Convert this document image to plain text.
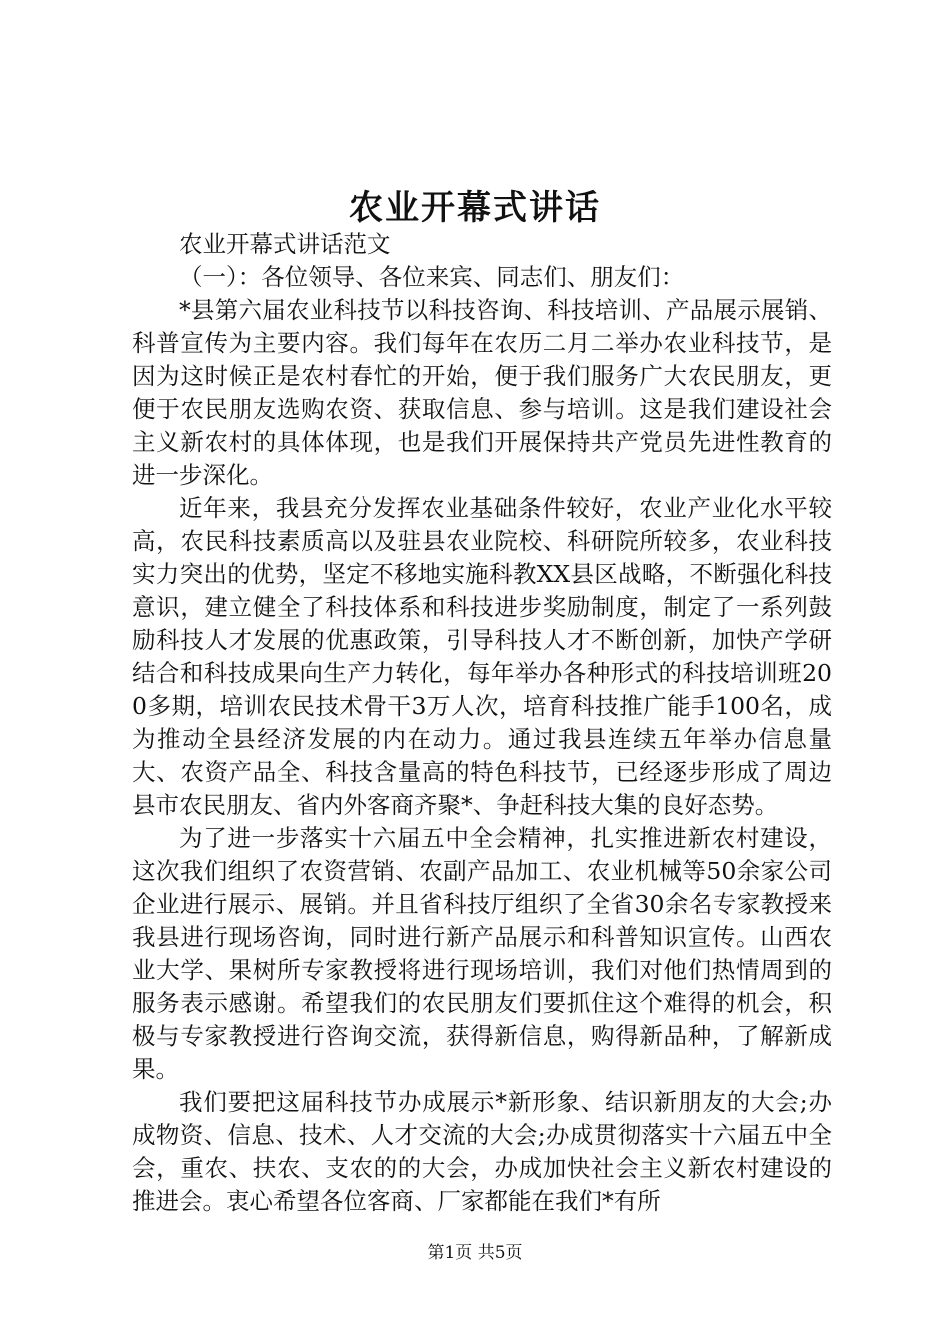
农业开幕式讲话

农业开幕式讲话范文

（一）：各位领导、各位来宾、同志们、朋友们：

*县第六届农业科技节以科技咨询、科技培训、产品展示展销、科普宣传为主要内容。我们每年在农历二月二举办农业科技节，是因为这时候正是农村春忙的开始，便于我们服务广大农民朋友，更便于农民朋友选购农资、获取信息、参与培训。这是我们建设社会主义新农村的具体体现，也是我们开展保持共产党员先进性教育的进一步深化。

近年来，我县充分发挥农业基础条件较好，农业产业化水平较高，农民科技素质高以及驻县农业院校、科研院所较多，农业科技实力突出的优势，坚定不移地实施科教XX县区战略，不断强化科技意识，建立健全了科技体系和科技进步奖励制度，制定了一系列鼓励科技人才发展的优惠政策，引导科技人才不断创新，加快产学研结合和科技成果向生产力转化，每年举办各种形式的科技培训班200多期，培训农民技术骨干3万人次，培育科技推广能手100名，成为推动全县经济发展的内在动力。通过我县连续五年举办信息量大、农资产品全、科技含量高的特色科技节，已经逐步形成了周边县市农民朋友、省内外客商齐聚*、争赶科技大集的良好态势。

为了进一步落实十六届五中全会精神，扎实推进新农村建设，这次我们组织了农资营销、农副产品加工、农业机械等50余家公司企业进行展示、展销。并且省科技厅组织了全省30余名专家教授来我县进行现场咨询，同时进行新产品展示和科普知识宣传。山西农业大学、果树所专家教授将进行现场培训，我们对他们热情周到的服务表示感谢。希望我们的农民朋友们要抓住这个难得的机会，积极与专家教授进行咨询交流，获得新信息，购得新品种，了解新成果。

我们要把这届科技节办成展示*新形象、结识新朋友的大会;办成物资、信息、技术、人才交流的大会;办成贯彻落实十六届五中全会，重农、扶农、支农的的大会，办成加快社会主义新农村建设的推进会。衷心希望各位客商、厂家都能在我们*有所

第1页 共5页
